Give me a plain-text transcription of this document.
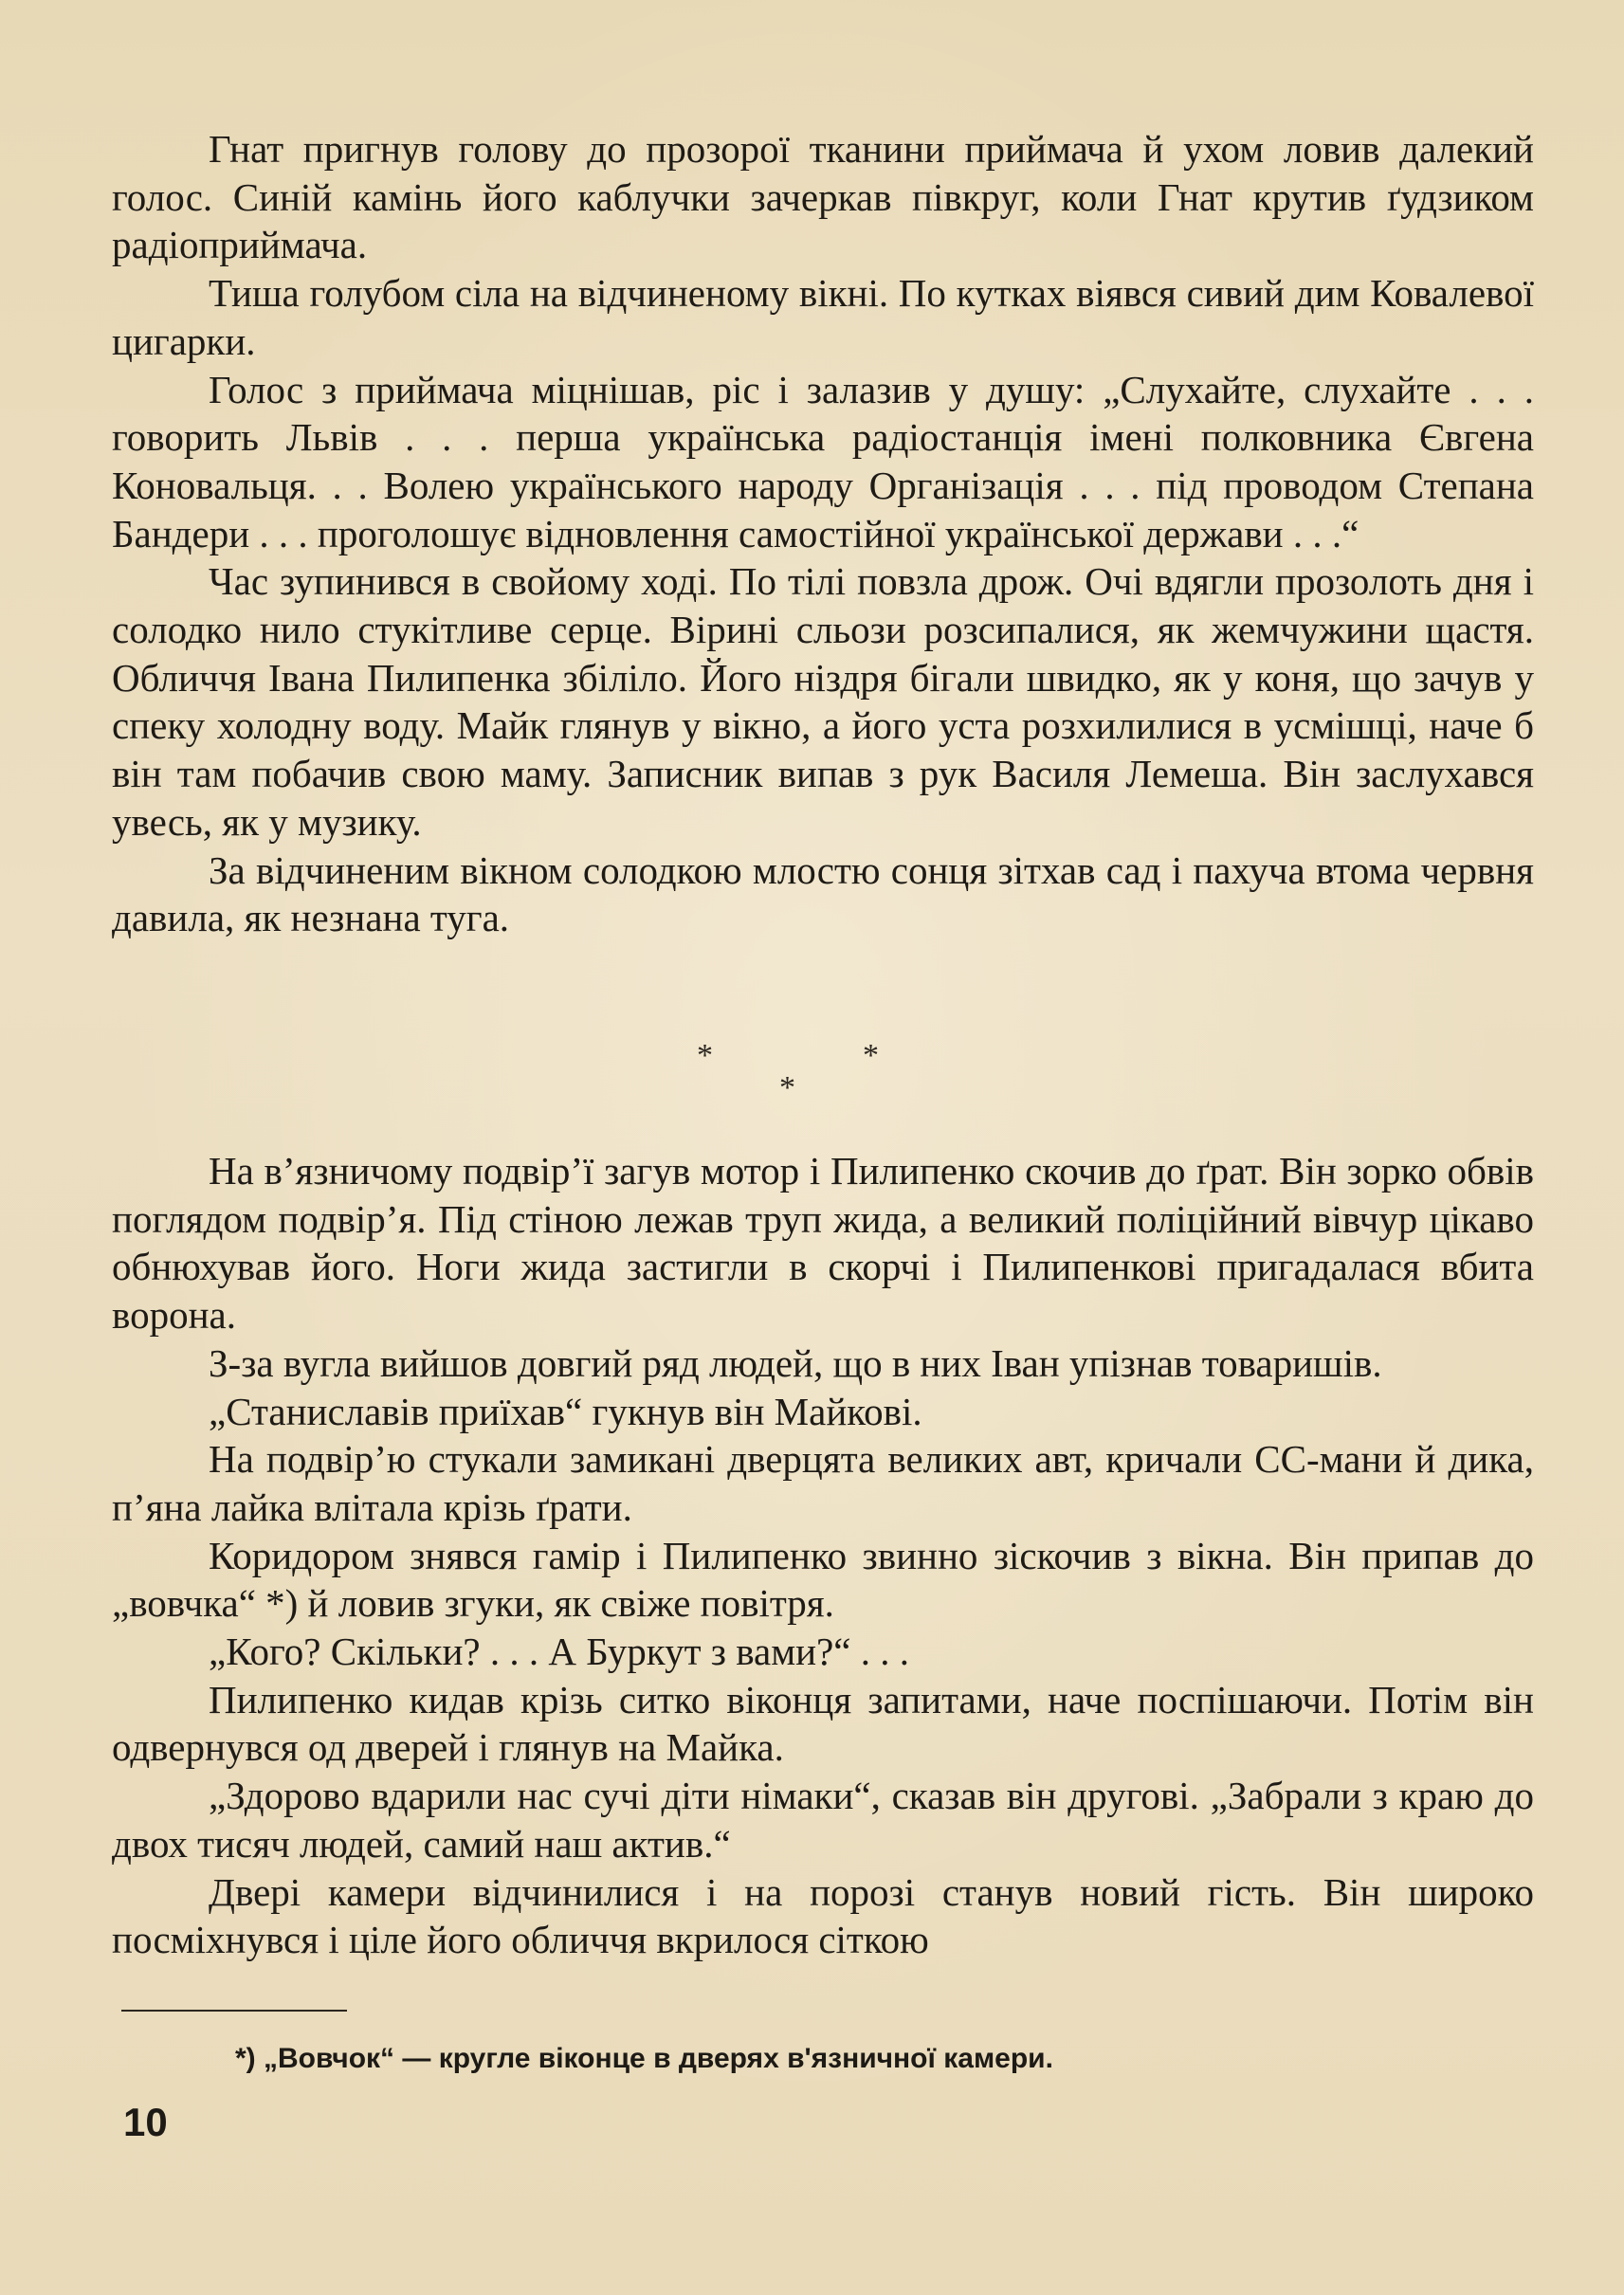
Гнат пригнув голову до прозорої тканини приймача й ухом ловив далекий голос. Синій камінь його каблучки зачеркав півкруг, коли Гнат крутив ґудзиком радіоприймача.

Тиша голубом сіла на відчиненому вікні. По кутках віявся сивий дим Ковалевої цигарки.

Голос з приймача міцнішав, ріс і залазив у душу: „Слухайте, слухайте . . . говорить Львів . . . перша українська радіостанція імені полковника Євгена Коновальця. . . Волею українського народу Організація . . . під проводом Степана Бандери . . . проголошує відновлення самостійної української держави . . .“

Час зупинився в свойому ході. По тілі повзла дрож. Очі вдягли прозолоть дня і солодко нило стукітливе серце. Вірині сльози розсипалися, як жемчужини щастя. Обличчя Івана Пилипенка збіліло. Його ніздря бігали швидко, як у коня, що зачув у спеку холодну воду. Майк глянув у вікно, а його уста розхилилися в усмішці, наче б він там побачив свою маму. Записник випав з рук Василя Лемеша. Він заслухався увесь, як у музику.

За відчиненим вікном солодкою млостю сонця зітхав сад і пахуча втома червня давила, як незнана туга.

*	*
*

На в’язничому подвір’ї загув мотор і Пилипенко скочив до ґрат. Він зорко обвів поглядом подвір’я. Під стіною лежав труп жида, а великий поліційний вівчур цікаво обнюхував його. Ноги жида застигли в скорчі і Пилипенкові пригадалася вбита ворона.

З-за вугла вийшов довгий ряд людей, що в них Іван упізнав товаришів.

„Станиславів приїхав“ гукнув він Майкові.

На подвір’ю стукали замикані дверцята великих авт, кричали СС-мани й дика, п’яна лайка влітала крізь ґрати.

Коридором знявся гамір і Пилипенко звинно зіскочив з вікна. Він припав до „вовчка“ *) й ловив згуки, як свіже повітря.

„Кого? Скільки? . . . А Буркут з вами?“ . . .

Пилипенко кидав крізь ситко віконця запитами, наче поспішаючи. Потім він одвернувся од дверей і глянув на Майка.

„Здорово вдарили нас сучі діти німаки“, сказав він другові. „Забрали з краю до двох тисяч людей, самий наш актив.“

Двері камери відчинилися і на порозі станув новий гість. Він широко посміхнувся і ціле його обличчя вкрилося сіткою

*) „Вовчок“ — кругле віконце в дверях в'язничної камери.
10
